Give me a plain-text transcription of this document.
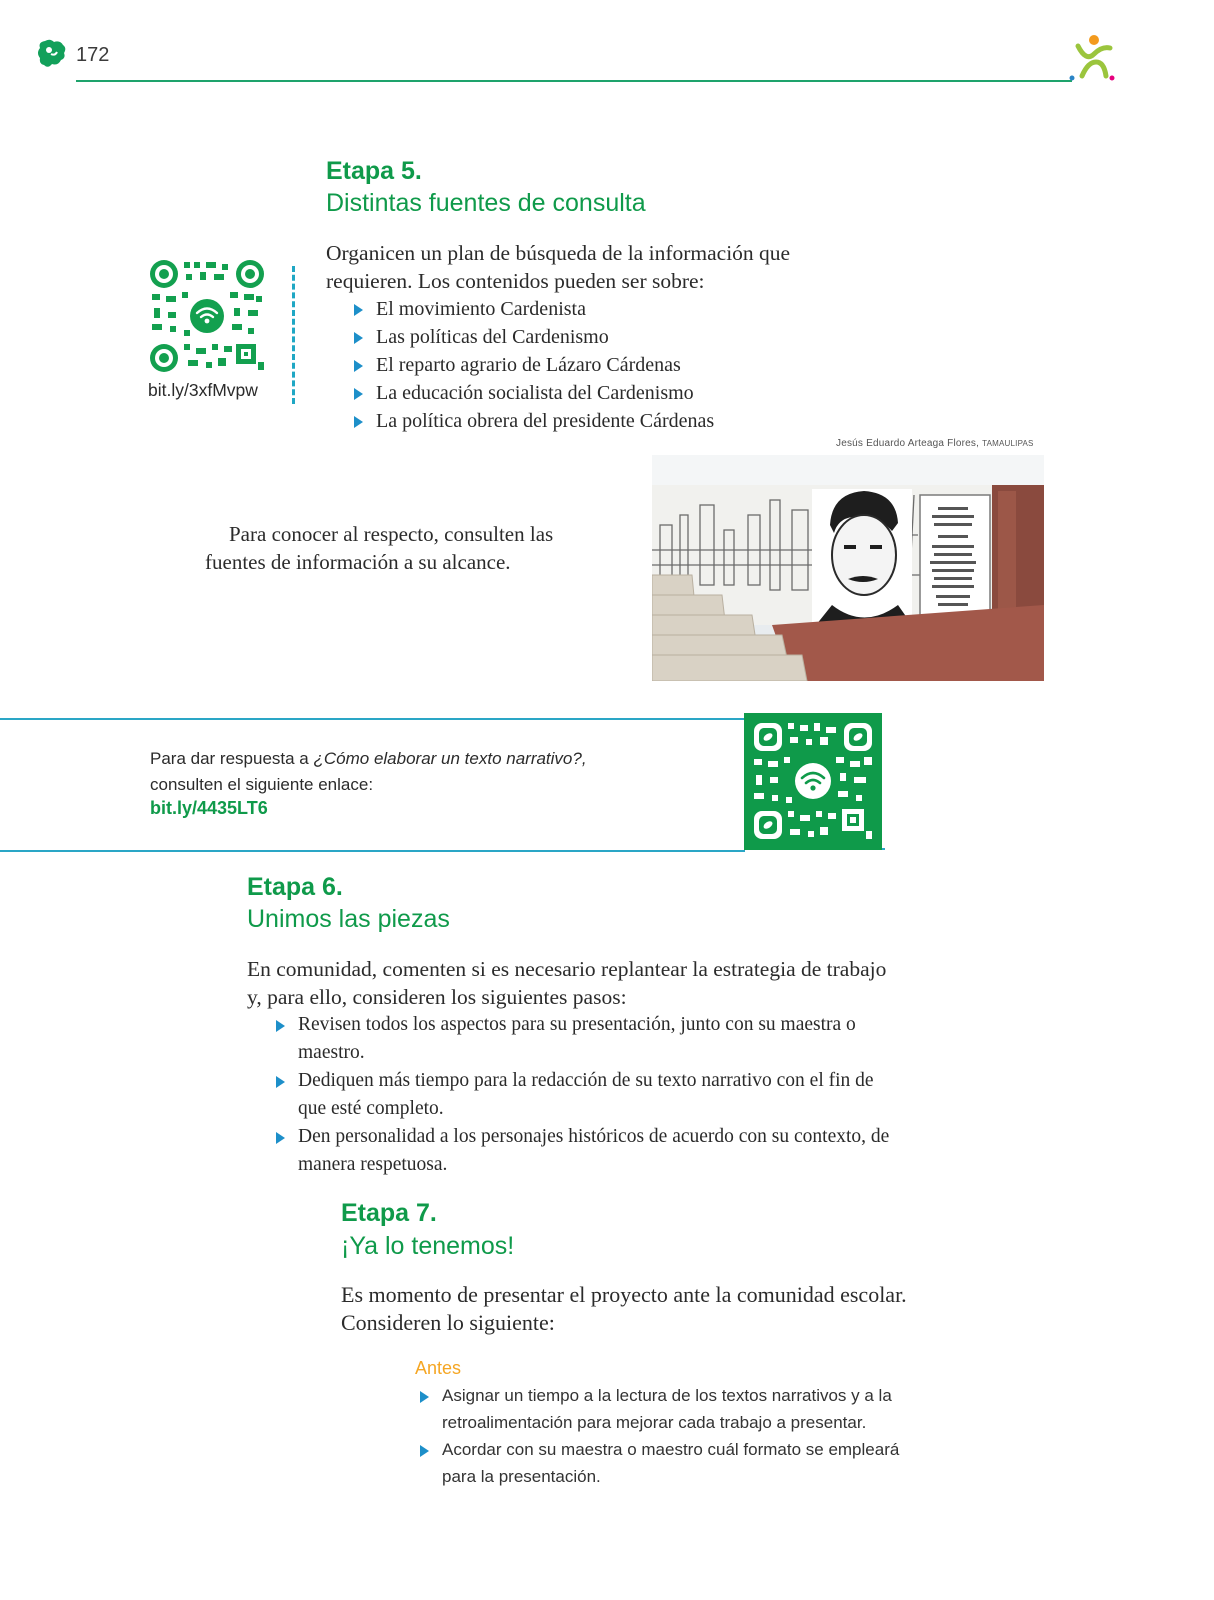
172
Etapa 5.
Distintas fuentes de consulta
bit.ly/3xfMvpw
Organicen un plan de búsqueda de la información que requieren. Los contenidos pueden ser sobre:
El movimiento Cardenista
Las políticas del Cardenismo
El reparto agrario de Lázaro Cárdenas
La educación socialista del Cardenismo
La política obrera del presidente Cárdenas
Jesús Eduardo Arteaga Flores, TAMAULIPAS
Para conocer al respecto, consulten las fuentes de información a su alcance.
Para dar respuesta a ¿Cómo elaborar un texto narrativo?,
consulten el siguiente enlace:
bit.ly/4435LT6
Etapa 6.
Unimos las piezas
En comunidad, comenten si es necesario replantear la estrategia de trabajo y, para ello, consideren los siguientes pasos:
Revisen todos los aspectos para su presentación, junto con su maestra o maestro.
Dediquen más tiempo para la redacción de su texto narrativo con el fin de que esté completo.
Den personalidad a los personajes históricos de acuerdo con su contexto, de manera respetuosa.
Etapa 7.
¡Ya lo tenemos!
Es momento de presentar el proyecto ante la comunidad escolar. Consideren lo siguiente:
Antes
Asignar un tiempo a la lectura de los textos narrativos y a la retroalimentación para mejorar cada trabajo a presentar.
Acordar con su maestra o maestro cuál formato se empleará para la presentación.
